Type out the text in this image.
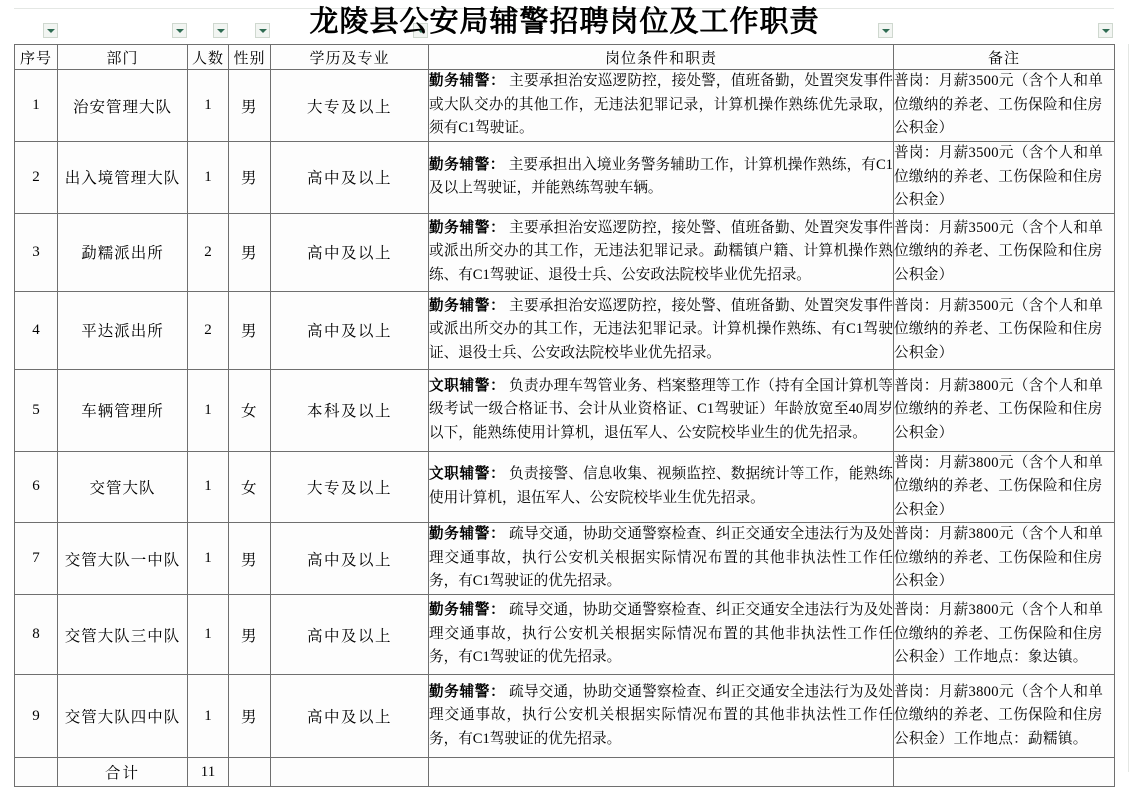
龙陵县公安局辅警招聘岗位及工作职责
序号	部门	人数	性别	学历及专业	岗位条件和职责	备注
1	治安管理大队	1	男	大专及以上	勤务辅警： 主要承担治安巡逻防控，接处警，值班备勤，处置突发事件或大队交办的其他工作，无违法犯罪记录，计算机操作熟练优先录取，须有C1驾驶证。	普岗：月薪3500元（含个人和单位缴纳的养老、工伤保险和住房公积金）

2	出入境管理大队	1	男	高中及以上	勤务辅警： 主要承担出入境业务警务辅助工作，计算机操作熟练，有C1及以上驾驶证，并能熟练驾驶车辆。	普岗：月薪3500元（含个人和单位缴纳的养老、工伤保险和住房公积金）

3	勐糯派出所	2	男	高中及以上	勤务辅警： 主要承担治安巡逻防控，接处警、值班备勤、处置突发事件或派出所交办的其工作，无违法犯罪记录。勐糯镇户籍、计算机操作熟练、有C1驾驶证、退役士兵、公安政法院校毕业优先招录。	普岗：月薪3500元（含个人和单位缴纳的养老、工伤保险和住房公积金）

4	平达派出所	2	男	高中及以上	勤务辅警： 主要承担治安巡逻防控，接处警、值班备勤、处置突发事件或派出所交办的其工作，无违法犯罪记录。计算机操作熟练、有C1驾驶证、退役士兵、公安政法院校毕业优先招录。	普岗：月薪3500元（含个人和单位缴纳的养老、工伤保险和住房公积金）

5	车辆管理所	1	女	本科及以上	文职辅警： 负责办理车驾管业务、档案整理等工作（持有全国计算机等级考试一级合格证书、会计从业资格证、C1驾驶证）年龄放宽至40周岁以下，能熟练使用计算机，退伍军人、公安院校毕业生的优先招录。	普岗：月薪3800元（含个人和单位缴纳的养老、工伤保险和住房公积金）

6	交管大队	1	女	大专及以上	文职辅警： 负责接警、信息收集、视频监控、数据统计等工作，能熟练使用计算机，退伍军人、公安院校毕业生优先招录。	普岗：月薪3800元（含个人和单位缴纳的养老、工伤保险和住房公积金）

7	交管大队一中队	1	男	高中及以上	勤务辅警： 疏导交通，协助交通警察检查、纠正交通安全违法行为及处理交通事故，执行公安机关根据实际情况布置的其他非执法性工作任务，有C1驾驶证的优先招录。	普岗：月薪3800元（含个人和单位缴纳的养老、工伤保险和住房公积金）

8	交管大队三中队	1	男	高中及以上	勤务辅警： 疏导交通，协助交通警察检查、纠正交通安全违法行为及处理交通事故，执行公安机关根据实际情况布置的其他非执法性工作任务，有C1驾驶证的优先招录。	普岗：月薪3800元（含个人和单位缴纳的养老、工伤保险和住房公积金）工作地点：象达镇。

9	交管大队四中队	1	男	高中及以上	勤务辅警： 疏导交通，协助交通警察检查、纠正交通安全违法行为及处理交通事故，执行公安机关根据实际情况布置的其他非执法性工作任务，有C1驾驶证的优先招录。	普岗：月薪3800元（含个人和单位缴纳的养老、工伤保险和住房公积金）工作地点：勐糯镇。

	合计	11				
